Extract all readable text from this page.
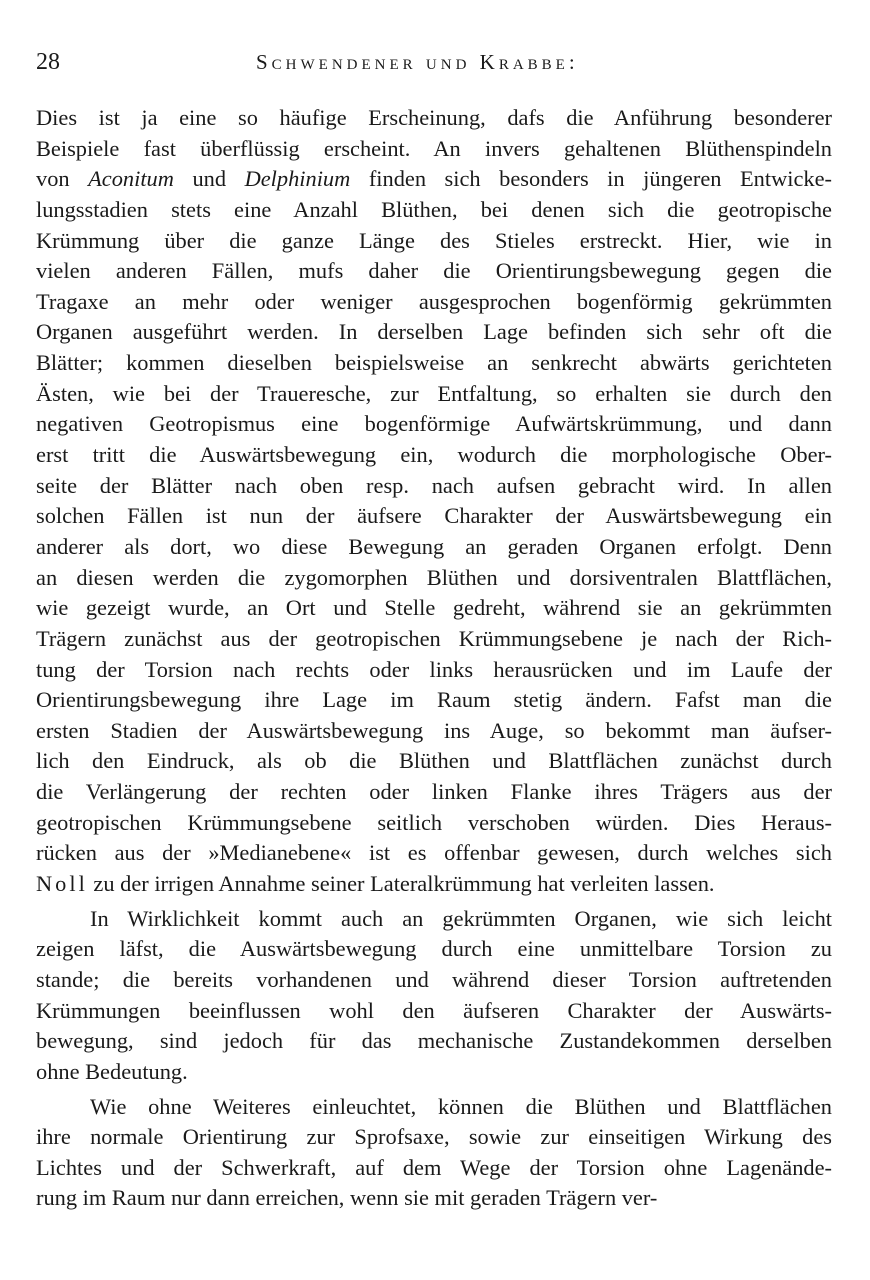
28	Schwendener und Krabbe:
Dies ist ja eine so häufige Erscheinung, dafs die Anführung besonderer
Beispiele fast überflüssig erscheint. An invers gehaltenen Blüthenspindeln
von Aconitum und Delphinium finden sich besonders in jüngeren Entwicke-
lungsstadien stets eine Anzahl Blüthen, bei denen sich die geotropische
Krümmung über die ganze Länge des Stieles erstreckt. Hier, wie in
vielen anderen Fällen, mufs daher die Orientirungsbewegung gegen die
Tragaxe an mehr oder weniger ausgesprochen bogenförmig gekrümmten
Organen ausgeführt werden. In derselben Lage befinden sich sehr oft die
Blätter; kommen dieselben beispielsweise an senkrecht abwärts gerichteten
Ästen, wie bei der Traueresche, zur Entfaltung, so erhalten sie durch den
negativen Geotropismus eine bogenförmige Aufwärtskrümmung, und dann
erst tritt die Auswärtsbewegung ein, wodurch die morphologische Ober-
seite der Blätter nach oben resp. nach aufsen gebracht wird. In allen
solchen Fällen ist nun der äufsere Charakter der Auswärtsbewegung ein
anderer als dort, wo diese Bewegung an geraden Organen erfolgt. Denn
an diesen werden die zygomorphen Blüthen und dorsiventralen Blattflächen,
wie gezeigt wurde, an Ort und Stelle gedreht, während sie an gekrümmten
Trägern zunächst aus der geotropischen Krümmungsebene je nach der Rich-
tung der Torsion nach rechts oder links herausrücken und im Laufe der
Orientirungsbewegung ihre Lage im Raum stetig ändern. Fafst man die
ersten Stadien der Auswärtsbewegung ins Auge, so bekommt man äufser-
lich den Eindruck, als ob die Blüthen und Blattflächen zunächst durch
die Verlängerung der rechten oder linken Flanke ihres Trägers aus der
geotropischen Krümmungsebene seitlich verschoben würden. Dies Heraus-
rücken aus der »Medianebene« ist es offenbar gewesen, durch welches sich
Noll zu der irrigen Annahme seiner Lateralkrümmung hat verleiten lassen.
In Wirklichkeit kommt auch an gekrümmten Organen, wie sich leicht
zeigen läfst, die Auswärtsbewegung durch eine unmittelbare Torsion zu
stande; die bereits vorhandenen und während dieser Torsion auftretenden
Krümmungen beeinflussen wohl den äufseren Charakter der Auswärts-
bewegung, sind jedoch für das mechanische Zustandekommen derselben
ohne Bedeutung.
Wie ohne Weiteres einleuchtet, können die Blüthen und Blattflächen
ihre normale Orientirung zur Sprofsaxe, sowie zur einseitigen Wirkung des
Lichtes und der Schwerkraft, auf dem Wege der Torsion ohne Lagenände-
rung im Raum nur dann erreichen, wenn sie mit geraden Trägern ver-
